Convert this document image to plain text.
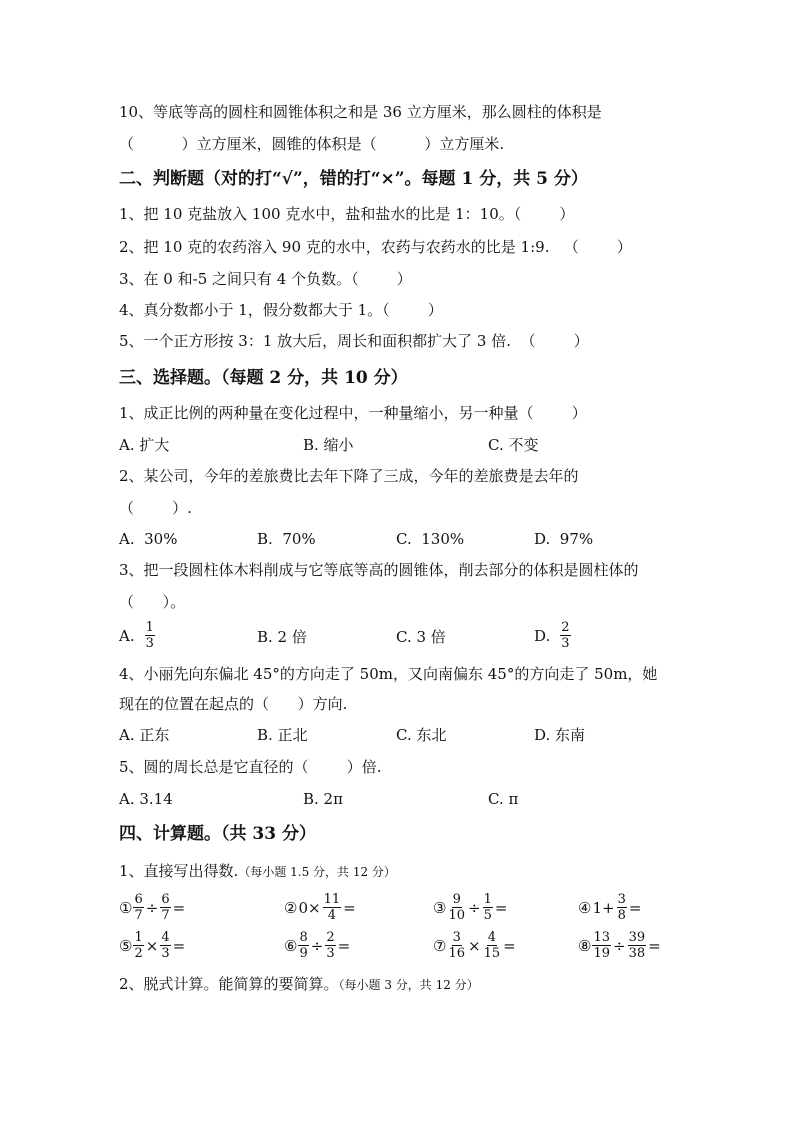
10、等底等高的圆柱和圆锥体积之和是 36 立方厘米，那么圆柱的体积是
（          ）立方厘米，圆锥的体积是（          ）立方厘米.
二、判断题（对的打“√”，错的打“×”。每题 1 分，共 5 分）
1、把 10 克盐放入 100 克水中，盐和盐水的比是 1：10。（        ）
2、把 10 克的农药溶入 90 克的水中，农药与农药水的比是 1:9.   （        ）
3、在 0 和-5 之间只有 4 个负数。（        ）
4、真分数都小于 1，假分数都大于 1。（        ）
5、一个正方形按 3：1 放大后，周长和面积都扩大了 3 倍.  （        ）
三、选择题。（每题 2 分，共 10 分）
1、成正比例的两种量在变化过程中，一种量缩小，另一种量（        ）
A. 扩大	B. 缩小	C. 不变
2、某公司，今年的差旅费比去年下降了三成，今年的差旅费是去年的
（        ）.
A.  30%	B.  70%	C.  130%	D.  97%
3、把一段圆柱体木料削成与它等底等高的圆锥体，削去部分的体积是圆柱体的
（      ）。
A. $\frac{1}{3}$	B. 2 倍	C. 3 倍	D. $\frac{2}{3}$
4、小丽先向东偏北 45°的方向走了 50m，又向南偏东 45°的方向走了 50m，她
现在的位置在起点的（      ）方向.
A. 正东	B. 正北	C. 东北	D. 东南
5、圆的周长总是它直径的（        ）倍.
A. 3.14	B. 2π	C. π
四、计算题。（共 33 分）
1、直接写出得数.（每小题 1.5 分，共 12 分）
① $\frac{6}{7} \div \frac{6}{7}$ =	② $0\times \frac{11}{4}$ =	③ $\frac{9}{10} \div \frac{1}{5}$ =	④ $1+ \frac{3}{8}$ =
⑤ $\frac{1}{2} \times \frac{4}{3}$ =	⑥ $\frac{8}{9} \div \frac{2}{3}$ =	⑦ $\frac{3}{16} \times \frac{4}{15}$ =	⑧ $\frac{13}{19} \div \frac{39}{38}$ =
2、脱式计算。能简算的要简算。（每小题 3 分，共 12 分）
